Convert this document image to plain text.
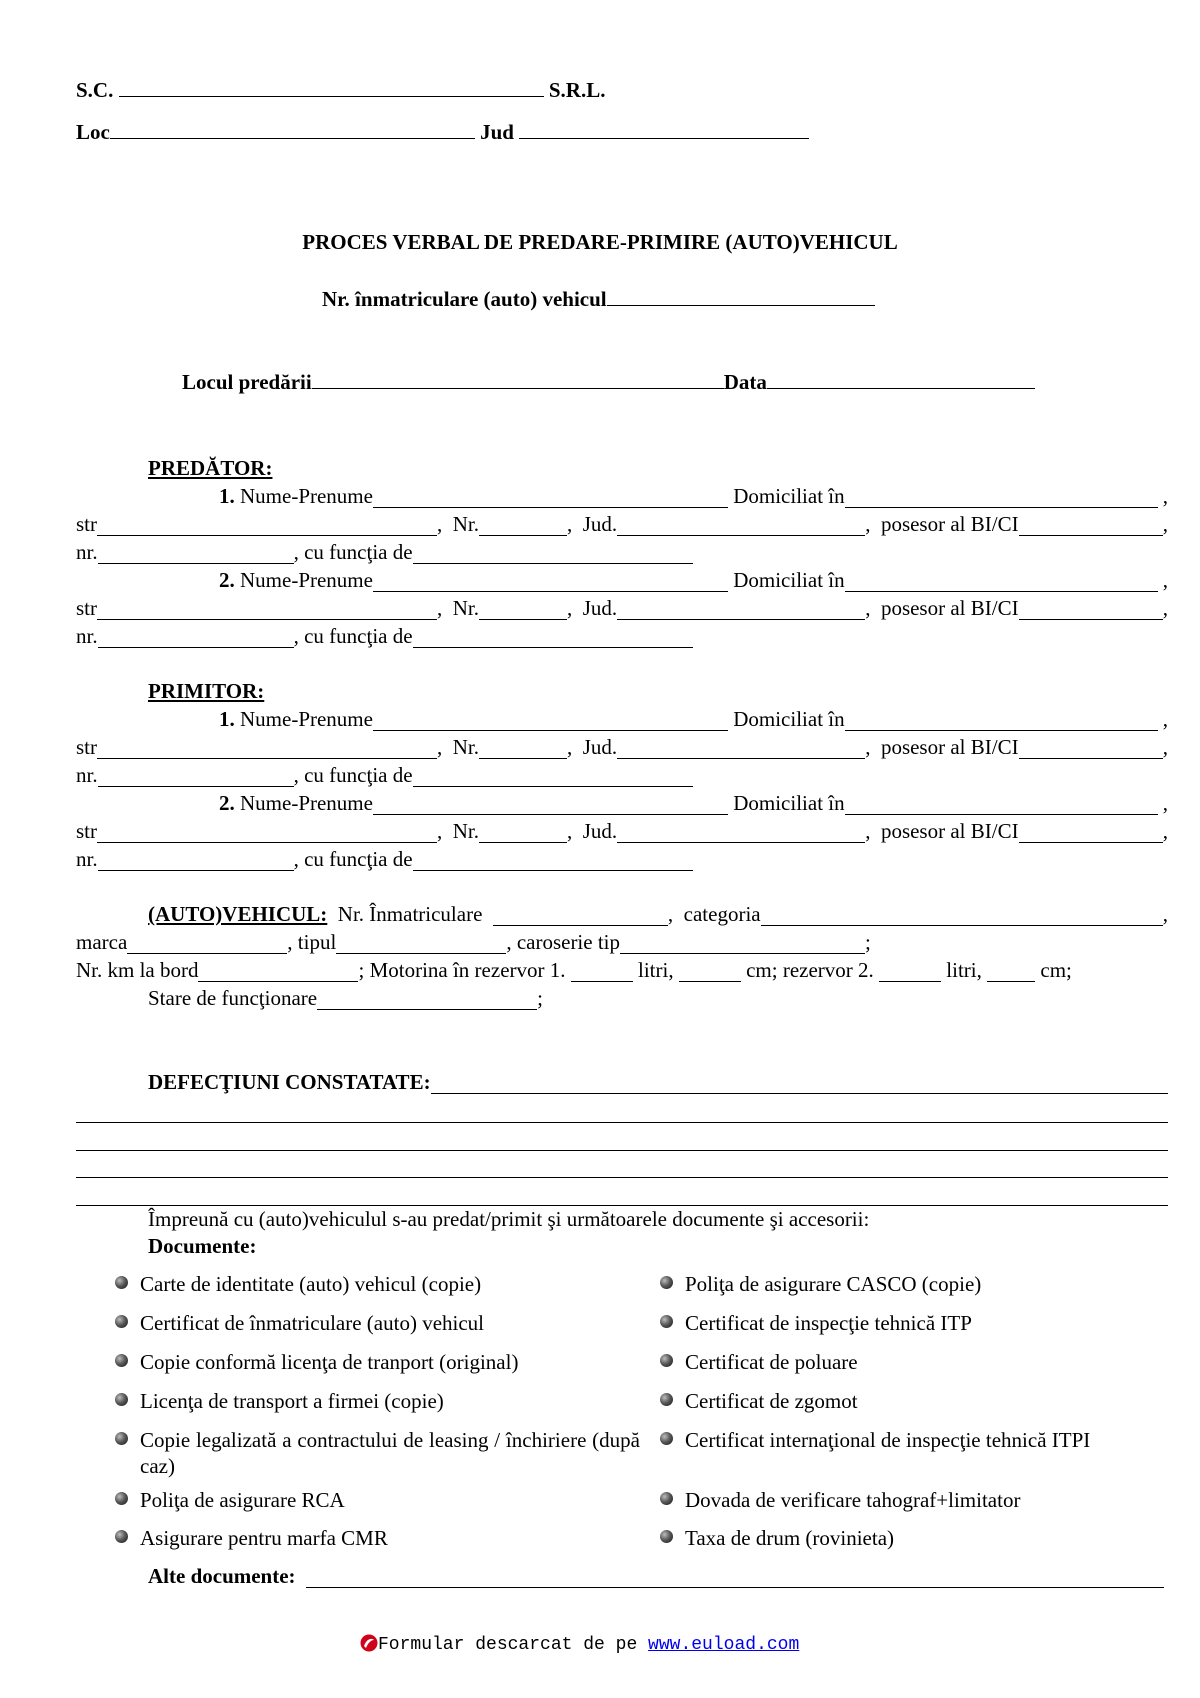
S.C.	S.R.L.
Loc	Jud
PROCES VERBAL DE PREDARE-PRIMIRE (AUTO)VEHICUL
Nr. înmatriculare (auto) vehicul
Locul predării	Data
PREDĂTOR:
1.
Nume-Prenume
	Domiciliat în
	,
str	, Nr.	, Jud.	, posesor al BI/CI	,
nr.	, cu funcţia de
2.
Nume-Prenume
	Domiciliat în
	,
str	, Nr.	, Jud.	, posesor al BI/CI	,
nr.	, cu funcţia de
PRIMITOR:
1.
Nume-Prenume
	Domiciliat în
	,
str	, Nr.	, Jud.	, posesor al BI/CI	,
nr.	, cu funcţia de
2.
Nume-Prenume
	Domiciliat în
	,
str	, Nr.	, Jud.	, posesor al BI/CI	,
nr.	, cu funcţia de
(AUTO)VEHICUL:
Nr. Înmatriculare
	, categoria	,
marca	, tipul	, caroserie tip	;
Nr. km la bord	; Motorina în rezervor 1.

	litri,

	cm; rezervor 2.

	litri,

	cm;
Stare de funcţionare	;
DEFECŢIUNI CONSTATATE:
Împreună cu (auto)vehiculul s-au predat/primit şi următoarele documente şi accesorii:
Documente:
Carte de identitate (auto) vehicul (copie)
Certificat de înmatriculare (auto) vehicul
Copie conformă licenţa de tranport (original)
Licenţa de transport a firmei (copie)
Copie legalizată a contractului de leasing / închiriere (după caz)
Poliţa de asigurare RCA
Asigurare pentru marfa CMR
Poliţa de asigurare CASCO (copie)
Certificat de inspecţie tehnică ITP
Certificat de poluare
Certificat de zgomot
Certificat internaţional de inspecţie tehnică ITPI
Dovada de verificare tahograf+limitator
Taxa de drum (rovinieta)
Alte documente:

Formular descarcat de pe www.euload.com
